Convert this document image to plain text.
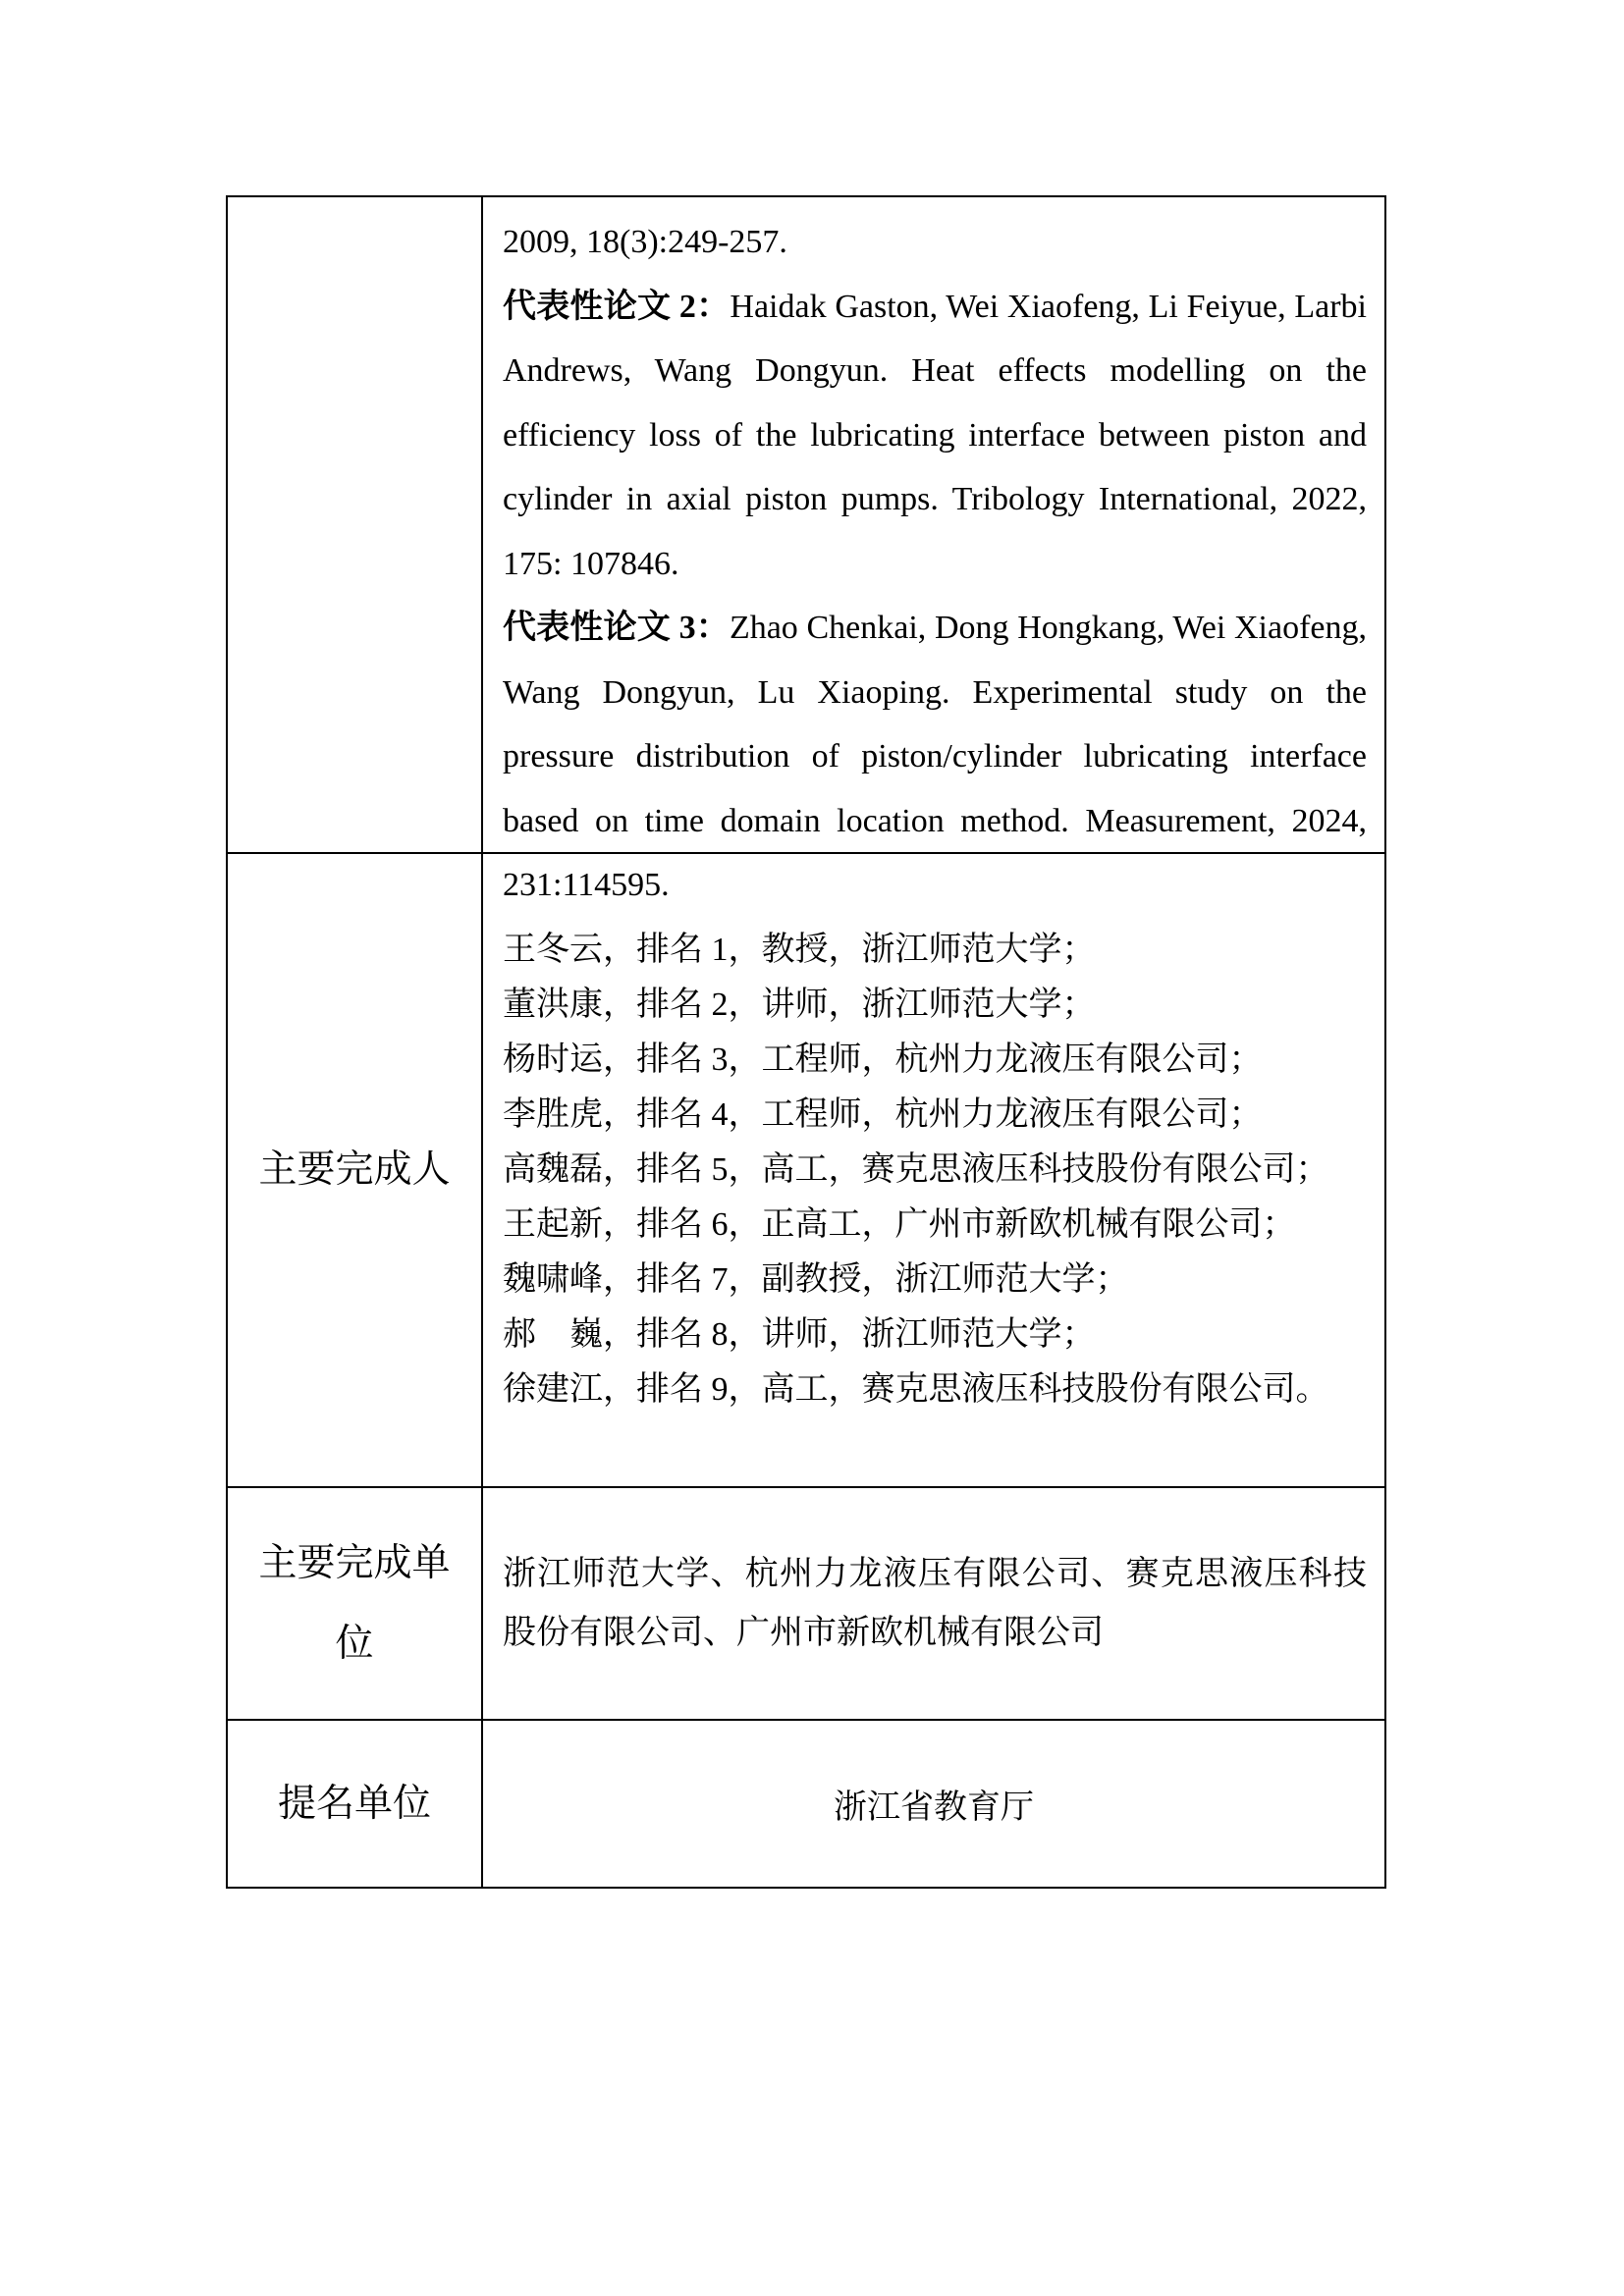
2009, 18(3):249-257.

代表性论文 2：Haidak Gaston, Wei Xiaofeng, Li Feiyue, Larbi Andrews, Wang Dongyun. Heat effects modelling on the efficiency loss of the lubricating interface between piston and cylinder in axial piston pumps. Tribology International, 2022, 175: 107846.

代表性论文 3：Zhao Chenkai, Dong Hongkang, Wei Xiaofeng, Wang Dongyun, Lu Xiaoping. Experimental study on the pressure distribution of piston/cylinder lubricating interface based on time domain location method. Measurement, 2024, 231:114595.

主要完成人
王冬云，排名 1，教授，浙江师范大学；
董洪康，排名 2，讲师，浙江师范大学；
杨时运，排名 3，工程师，杭州力龙液压有限公司；
李胜虎，排名 4，工程师，杭州力龙液压有限公司；
高魏磊，排名 5，高工，赛克思液压科技股份有限公司；
王起新，排名 6，正高工，广州市新欧机械有限公司；
魏啸峰，排名 7，副教授，浙江师范大学；
郝　巍，排名 8，讲师，浙江师范大学；
徐建江，排名 9，高工，赛克思液压科技股份有限公司。
主要完成单位
浙江师范大学、杭州力龙液压有限公司、赛克思液压科技股份有限公司、广州市新欧机械有限公司
提名单位	浙江省教育厅
